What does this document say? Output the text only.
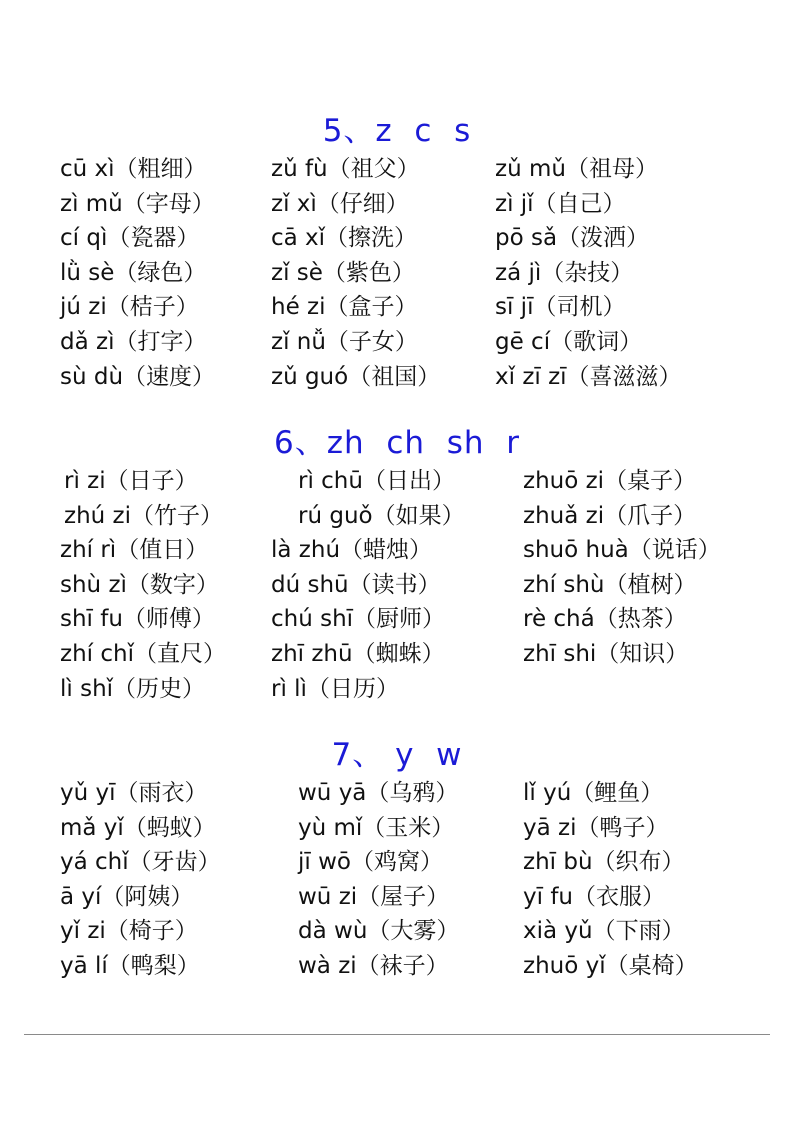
5、z  c  s
cū xì（粗细）	zǔ fù（祖父）	zǔ mǔ（祖母）
zì mǔ（字母） zǐ xì（仔细）	zì jǐ（自己）
cí qì（瓷器）	cā xǐ（擦洗）	pō sǎ（泼洒）
lǜ sè（绿色）	zǐ sè（紫色）	zá jì（杂技）
jú zi（桔子）	hé zi（盒子）	sī jī（司机）
dǎ zì（打字）	zǐ nǚ（子女）	gē cí（歌词）
sù dù（速度） zǔ guó（祖国） xǐ zī zī（喜滋滋）
6、zh  ch  sh  r
rì zi（日子）	rì chū（日出）	zhuō zi（桌子）
zhú zi（竹子）	rú guǒ（如果）	zhuǎ zi（爪子）
zhí rì（值日）	là zhú（蜡烛）	shuō huà（说话）
shù zì（数字） dú shū（读书）	zhí shù（植树）
shī fu（师傅） chú shī（厨师）	rè chá（热茶）
zhí chǐ（直尺） zhī zhū（蜘蛛）	zhī shi（知识）
lì shǐ（历史）	rì lì（日历）
7、 y  w
yǔ yī（雨衣）	wū yā（乌鸦）	lǐ yú（鲤鱼）
mǎ yǐ（蚂蚁）	yù mǐ（玉米）	yā zi（鸭子）
yá chǐ（牙齿）	jī wō（鸡窝）	zhī bù（织布）
ā yí（阿姨）	wū zi（屋子）	yī fu（衣服）
yǐ zi（椅子）	dà wù（大雾）	xià yǔ（下雨）
yā lí（鸭梨）	wà zi（袜子）	zhuō yǐ（桌椅）
